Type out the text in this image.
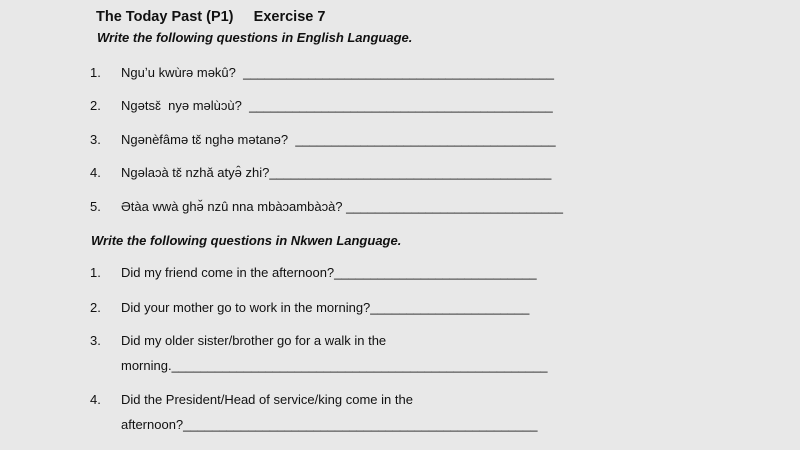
The Today Past (P1)     Exercise 7
Write the following questions in English Language.
1. Nguʼu kwùrə məkû?  ___________________________________________
2. Ngətsɛ̌  nyə məlùɔù?  __________________________________________
3. Ngənèfâmə tɛ̌ nghə mətanə?  ____________________________________
4. Ngəlaɔà tɛ̌ nzhǎ atyə̂ zhi?_______________________________________
5. Ətàa wwà ghə̌ nzû nna mbàɔambàɔà? ______________________________
Write the following questions in Nkwen Language.
1. Did my friend come in the afternoon?____________________________
2. Did your mother go to work in the morning?______________________
3. Did my older sister/brother go for a walk in the
morning.____________________________________________________
4. Did the President/Head of service/king come in the
afternoon?_________________________________________________
